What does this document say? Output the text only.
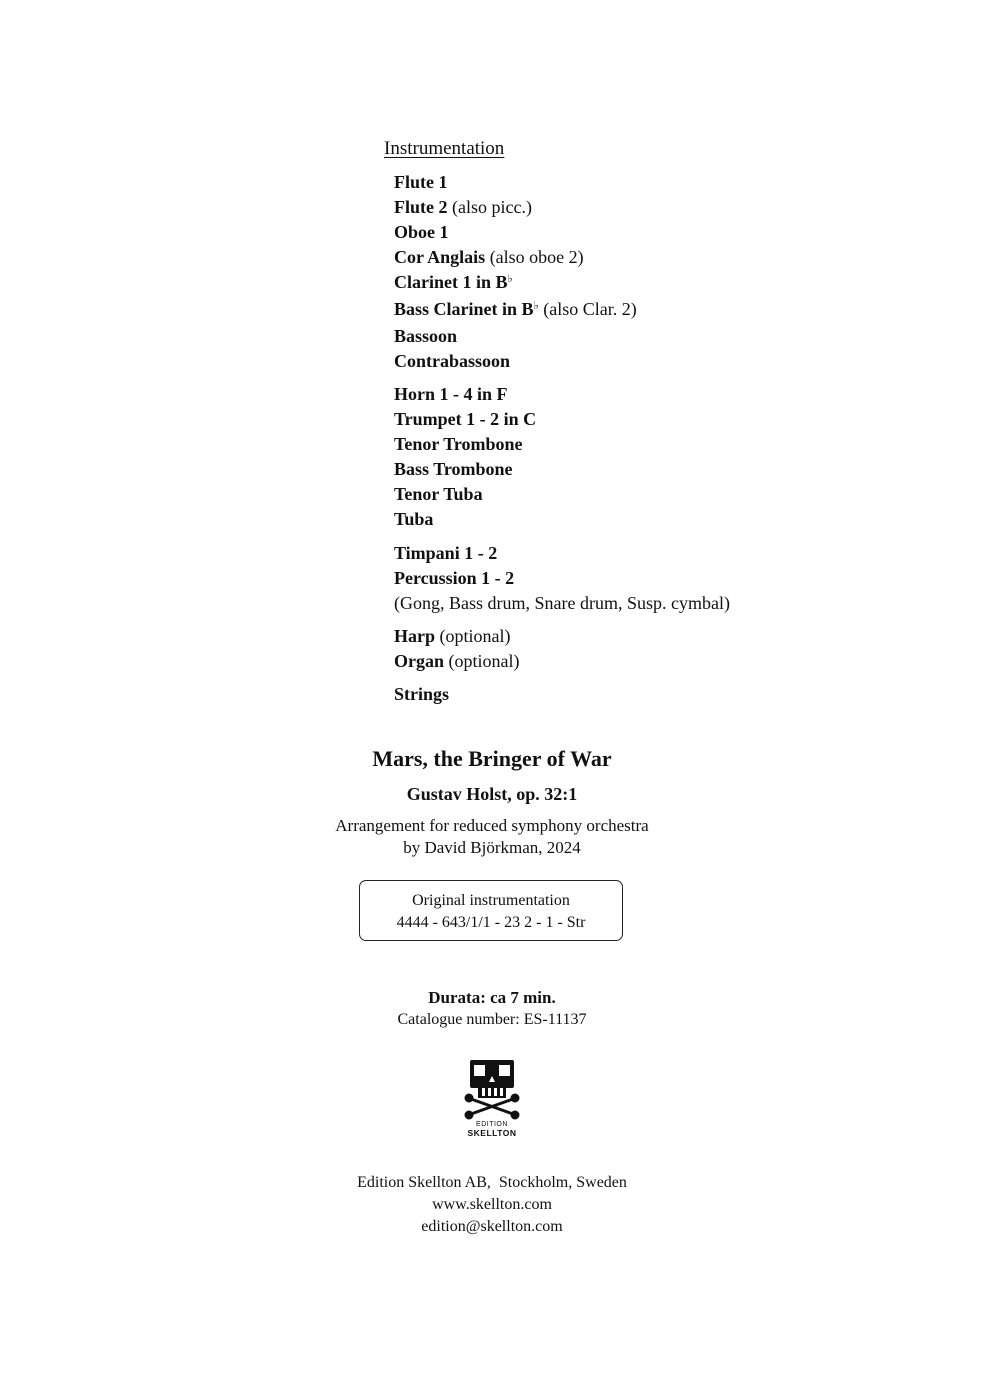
Instrumentation
Flute 1
Flute 2 (also picc.)
Oboe 1
Cor Anglais (also oboe 2)
Clarinet 1 in B♭
Bass Clarinet in B♭ (also Clar. 2)
Bassoon
Contrabassoon
Horn 1 - 4 in F
Trumpet 1 - 2 in C
Tenor Trombone
Bass Trombone
Tenor Tuba
Tuba
Timpani 1 - 2
Percussion 1 - 2
(Gong, Bass drum, Snare drum, Susp. cymbal)
Harp (optional)
Organ (optional)
Strings
Mars, the Bringer of War
Gustav Holst, op. 32:1
Arrangement for reduced symphony orchestra
by David Björkman, 2024
Original instrumentation
4444 - 643/1/1 - 23 2 - 1 - Str
Durata: ca 7 min.
Catalogue number: ES-11137
EDITION
SKELLTON
Edition Skellton AB,  Stockholm, Sweden
www.skellton.com
edition@skellton.com
